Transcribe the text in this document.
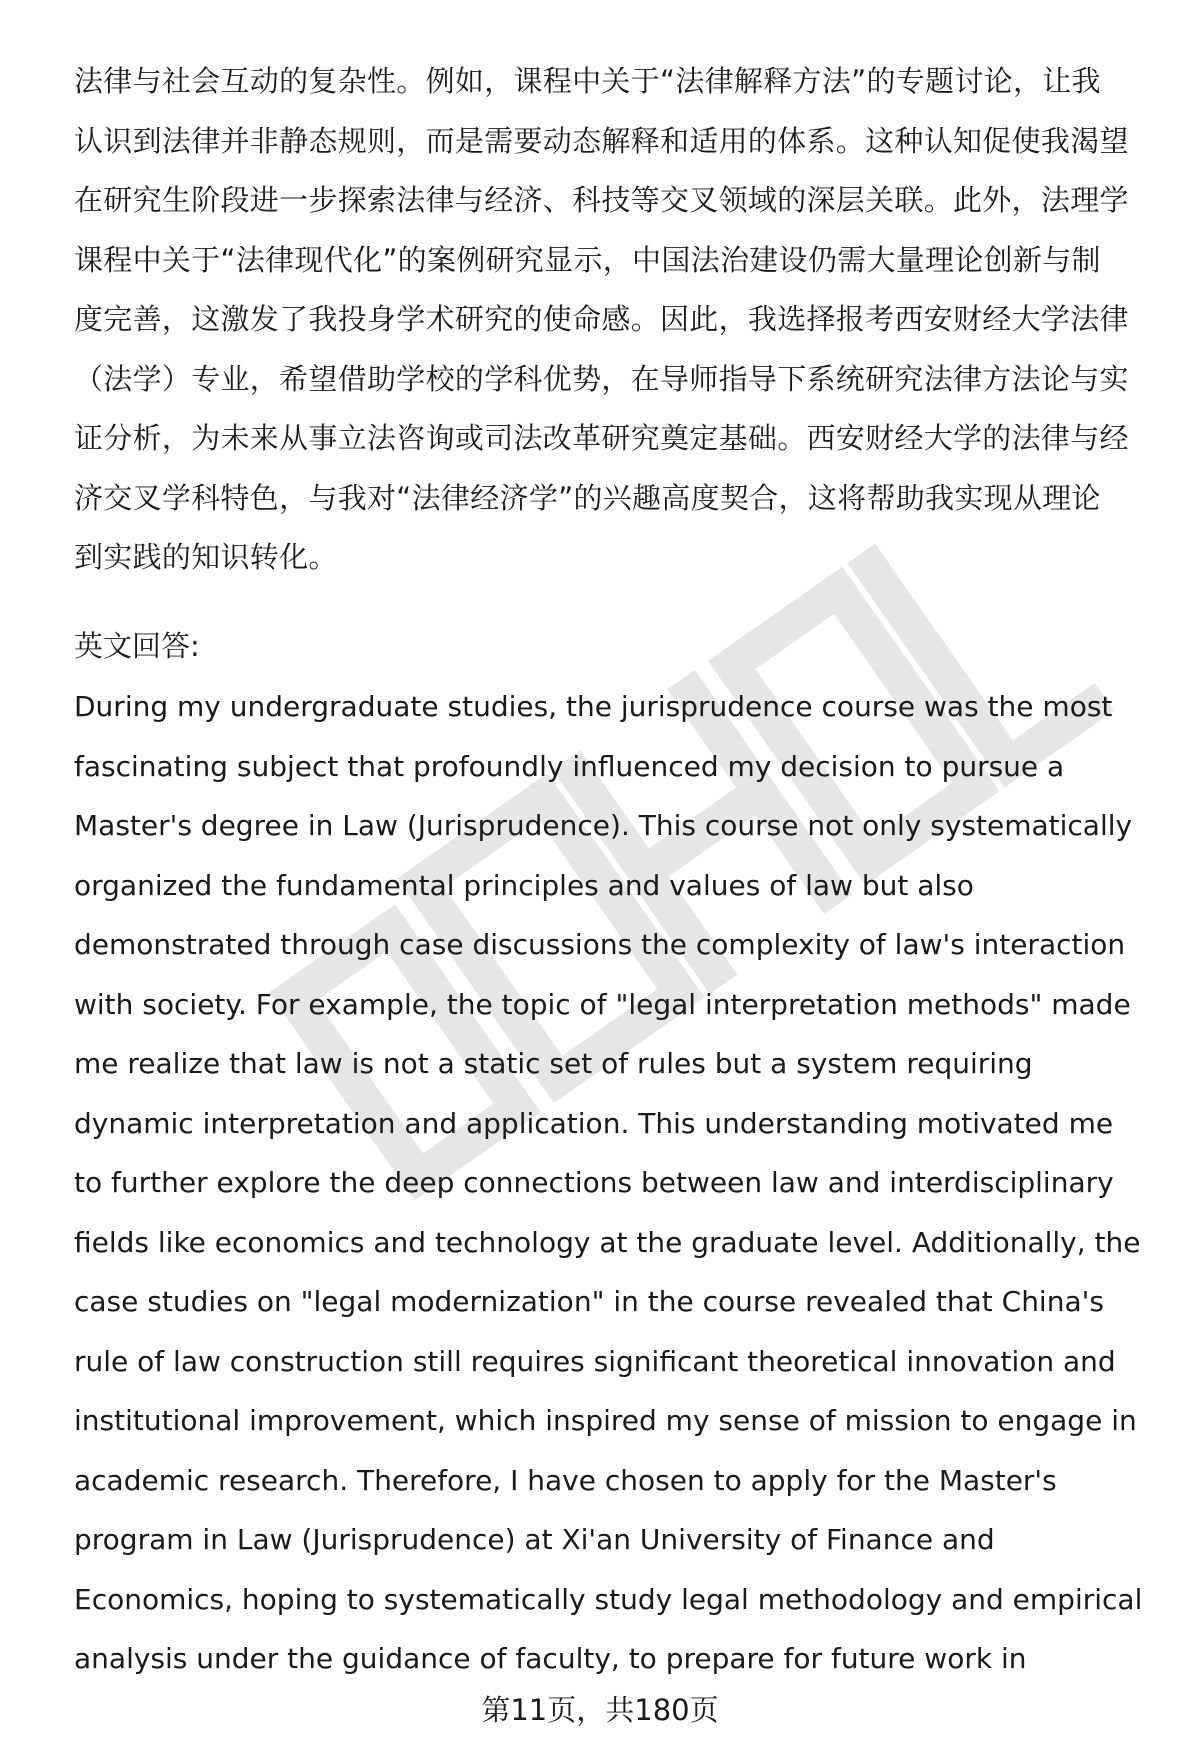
法律与社会互动的复杂性。例如，课程中关于“法律解释方法”的专题讨论，让我
认识到法律并非静态规则，而是需要动态解释和适用的体系。这种认知促使我渴望
在研究生阶段进一步探索法律与经济、科技等交叉领域的深层关联。此外，法理学
课程中关于“法律现代化”的案例研究显示，中国法治建设仍需大量理论创新与制
度完善，这激发了我投身学术研究的使命感。因此，我选择报考西安财经大学法律
（法学）专业，希望借助学校的学科优势，在导师指导下系统研究法律方法论与实
证分析，为未来从事立法咨询或司法改革研究奠定基础。西安财经大学的法律与经
济交叉学科特色，与我对“法律经济学”的兴趣高度契合，这将帮助我实现从理论
到实践的知识转化。
英文回答:
During my undergraduate studies, the jurisprudence course was the most
fascinating subject that profoundly influenced my decision to pursue a
Master's degree in Law (Jurisprudence). This course not only systematically
organized the fundamental principles and values of law but also
demonstrated through case discussions the complexity of law's interaction
with society. For example, the topic of "legal interpretation methods" made
me realize that law is not a static set of rules but a system requiring
dynamic interpretation and application. This understanding motivated me
to further explore the deep connections between law and interdisciplinary
fields like economics and technology at the graduate level. Additionally, the
case studies on "legal modernization" in the course revealed that China's
rule of law construction still requires significant theoretical innovation and
institutional improvement, which inspired my sense of mission to engage in
academic research. Therefore, I have chosen to apply for the Master's
program in Law (Jurisprudence) at Xi'an University of Finance and
Economics, hoping to systematically study legal methodology and empirical
analysis under the guidance of faculty, to prepare for future work in
第11页，共180页
